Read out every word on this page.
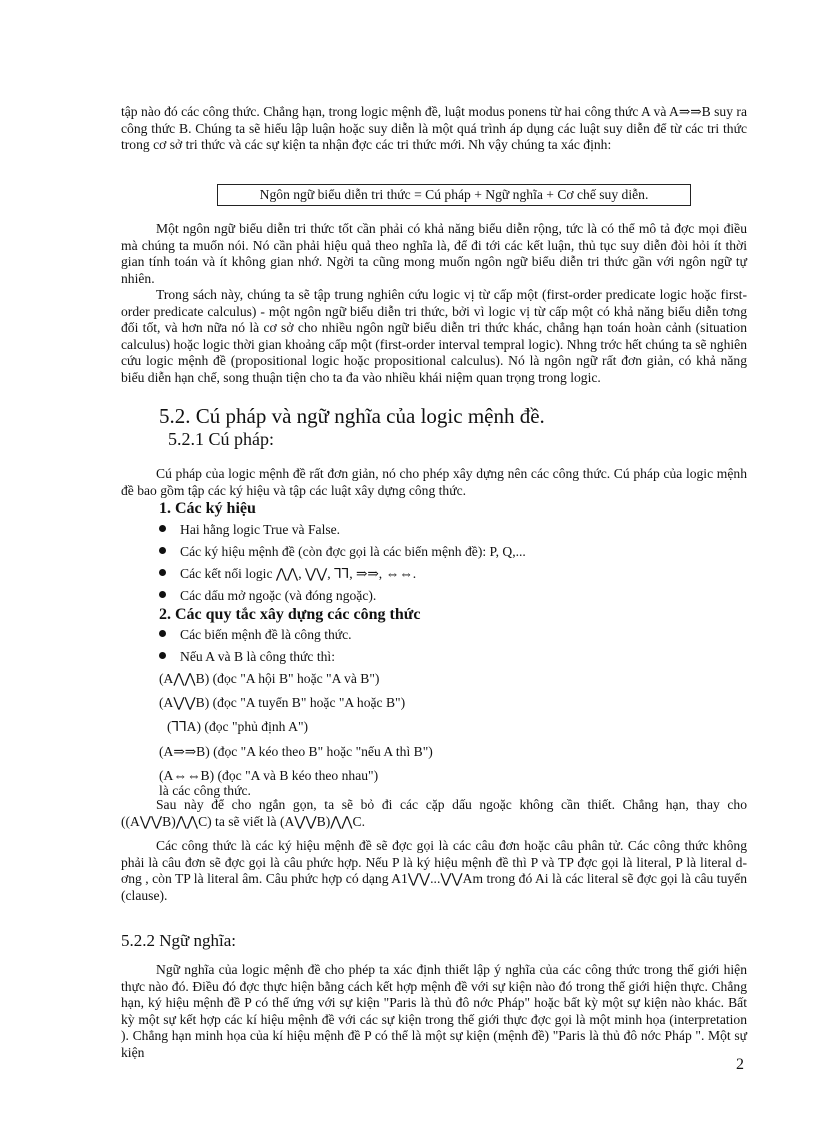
tập nào đó các công thức. Chẳng hạn, trong logic mệnh đề, luật modus ponens từ hai công thức A và A⇒⇒B suy ra công thức B. Chúng ta sẽ hiểu lập luận hoặc suy diễn là một quá trình áp dụng các luật suy diễn để từ các tri thức trong cơ sở tri thức và các sự kiện ta nhận đợc các tri thức mới. Nh vậy chúng ta xác định:
Ngôn ngữ biểu diễn tri thức = Cú pháp + Ngữ nghĩa + Cơ chế suy diễn.
Một ngôn ngữ biểu diễn tri thức tốt cần phải có khả năng biểu diễn rộng, tức là có thể mô tả đợc mọi điều mà chúng ta muốn nói. Nó cần phải hiệu quả theo nghĩa là, để đi tới các kết luận, thủ tục suy diễn đòi hỏi ít thời gian tính toán và ít không gian nhớ. Ngời ta cũng mong muốn ngôn ngữ biểu diễn tri thức gần với ngôn ngữ tự nhiên.
Trong sách này, chúng ta sẽ tập trung nghiên cứu logic vị từ cấp một (first-order predicate logic hoặc first-order predicate calculus) - một ngôn ngữ biểu diễn tri thức, bởi vì logic vị từ cấp một có khả năng biểu diễn tơng đối tốt, và hơn nữa nó là cơ sở cho nhiều ngôn ngữ biểu diễn tri thức khác, chẳng hạn toán hoàn cảnh (situation calculus) hoặc logic thời gian khoảng cấp một (first-order interval tempral logic). Nhng trớc hết chúng ta sẽ nghiên cứu logic mệnh đề (propositional logic hoặc propositional calculus). Nó là ngôn ngữ rất đơn giản, có khả năng biểu diễn hạn chế, song thuận tiện cho ta đa vào nhiều khái niệm quan trọng trong logic.
5.2. Cú pháp và ngữ nghĩa của logic mệnh đề.
5.2.1 Cú pháp:
Cú pháp của logic mệnh đề rất đơn giản, nó cho phép xây dựng nên các công thức. Cú pháp của logic mệnh đề bao gồm tập các ký hiệu và tập các luật xây dựng công thức.
1. Các ký hiệu
Hai hằng logic True và False.
Các ký hiệu mệnh đề (còn đợc gọi là các biến mệnh đề): P, Q,...
Các kết nối logic ⋀⋀, ⋁⋁, ⅂⅂, ⇒⇒, ⇔⇔.
Các dấu mở ngoặc (và đóng ngoặc).
2. Các quy tắc xây dựng các công thức
Các biến mệnh đề là công thức.
Nếu A và B là công thức thì:
(A⋀⋀B) (đọc "A hội B" hoặc "A và B")
(A⋁⋁B) (đọc "A tuyển B" hoặc "A hoặc B")
(⅂⅂A) (đọc "phủ định A")
(A⇒⇒B) (đọc "A kéo theo B" hoặc "nếu A thì B")
(A⇔⇔B) (đọc "A và B kéo theo nhau")
là các công thức.
Sau này để cho ngắn gọn, ta sẽ bỏ đi các cặp dấu ngoặc không cần thiết. Chẳng hạn, thay cho ((A⋁⋁B)⋀⋀C) ta sẽ viết là (A⋁⋁B)⋀⋀C.
Các công thức là các ký hiệu mệnh đề sẽ đợc gọi là các câu đơn hoặc câu phân tử. Các công thức không phải là câu đơn sẽ đợc gọi là câu phức hợp. Nếu P là ký hiệu mệnh đề thì P và TP đợc gọi là literal, P là literal dơng , còn TP là literal âm. Câu phức hợp có dạng A1⋁⋁...⋁⋁Am trong đó Ai là các literal sẽ đợc gọi là câu tuyển (clause).
5.2.2 Ngữ nghĩa:
Ngữ nghĩa của logic mệnh đề cho phép ta xác định thiết lập ý nghĩa của các công thức trong thế giới hiện thực nào đó. Điều đó đợc thực hiện bằng cách kết hợp mệnh đề với sự kiện nào đó trong thế giới hiện thực. Chẳng hạn, ký hiệu mệnh đề P có thể ứng với sự kiện "Paris là thủ đô nớc Pháp" hoặc bất kỳ một sự kiện nào khác. Bất kỳ một sự kết hợp các kí hiệu mệnh đề với các sự kiện trong thế giới thực đợc gọi là một minh họa (interpretation ). Chẳng hạn minh họa của kí hiệu mệnh đề P có thể là một sự kiện (mệnh đề) "Paris là thủ đô nớc Pháp ". Một sự kiện
2
